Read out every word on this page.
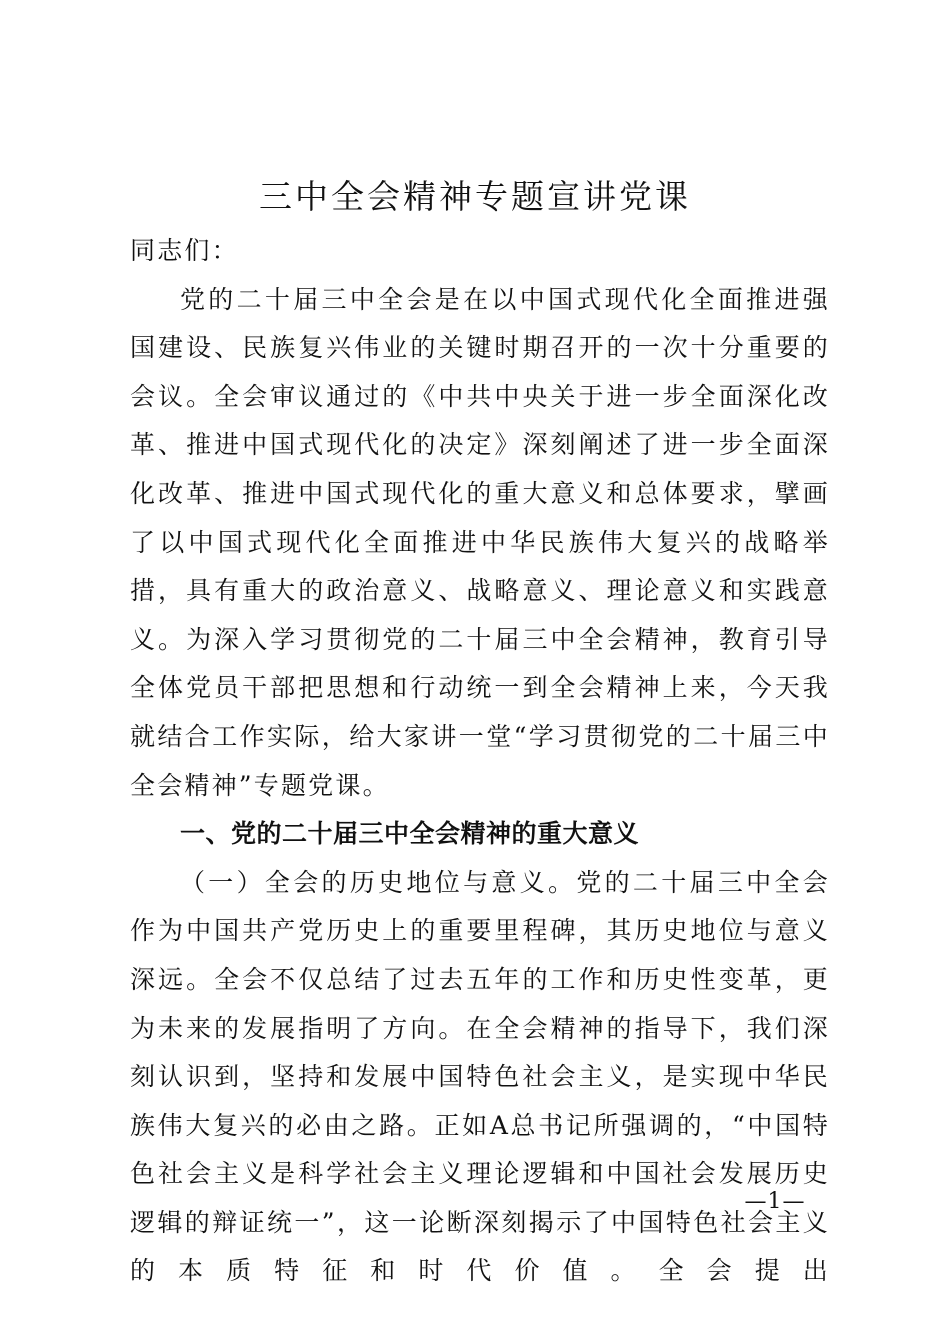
三中全会精神专题宣讲党课

同志们：

党的二十届三中全会是在以中国式现代化全面推进强国建设、民族复兴伟业的关键时期召开的一次十分重要的会议。全会审议通过的《中共中央关于进一步全面深化改革、推进中国式现代化的决定》深刻阐述了进一步全面深化改革、推进中国式现代化的重大意义和总体要求，擘画了以中国式现代化全面推进中华民族伟大复兴的战略举措，具有重大的政治意义、战略意义、理论意义和实践意义。为深入学习贯彻党的二十届三中全会精神，教育引导全体党员干部把思想和行动统一到全会精神上来，今天我就结合工作实际，给大家讲一堂“学习贯彻党的二十届三中全会精神”专题党课。

一、党的二十届三中全会精神的重大意义

（一）全会的历史地位与意义。党的二十届三中全会作为中国共产党历史上的重要里程碑，其历史地位与意义深远。全会不仅总结了过去五年的工作和历史性变革，更为未来的发展指明了方向。在全会精神的指导下，我们深刻认识到，坚持和发展中国特色社会主义，是实现中华民族伟大复兴的必由之路。正如A总书记所强调的，“中国特色社会主义是科学社会主义理论逻辑和中国社会发展历史逻辑的辩证统一”，这一论断深刻揭示了中国特色社会主义的本质特征和时代价值。全会提出

—1—
